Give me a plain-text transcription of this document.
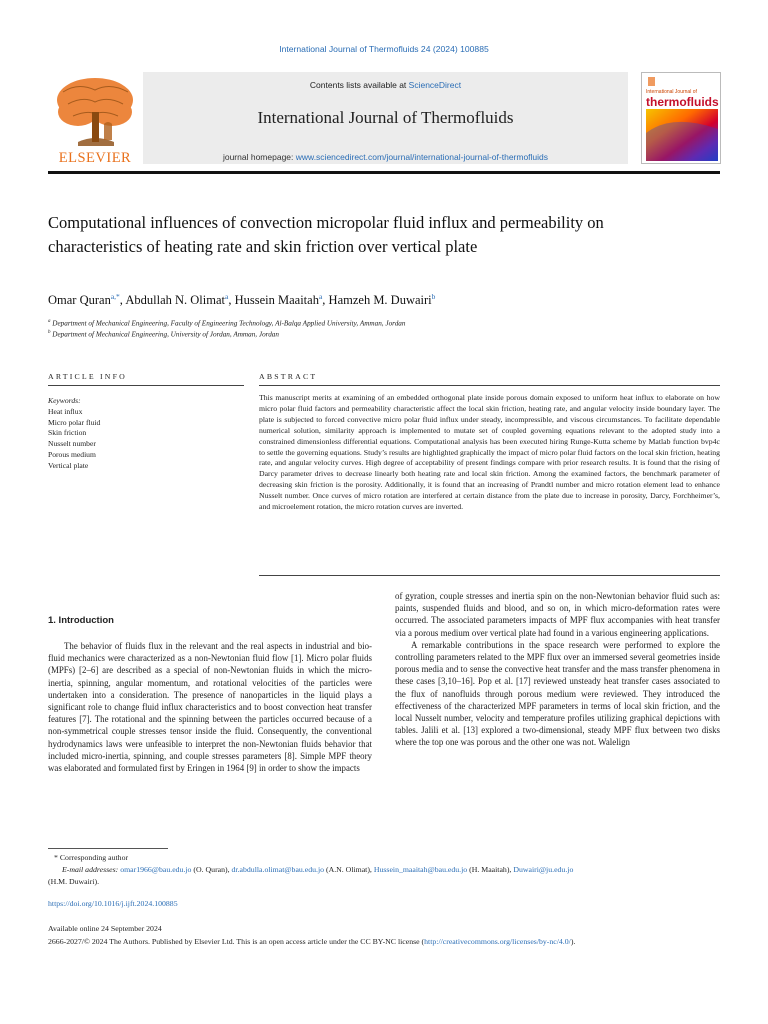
International Journal of Thermofluids 24 (2024) 100885
ELSEVIER
Contents lists available at ScienceDirect
International Journal of Thermofluids
journal homepage: www.sciencedirect.com/journal/international-journal-of-thermofluids
International Journal of
thermofluids
Computational influences of convection micropolar fluid influx and permeability on characteristics of heating rate and skin friction over vertical plate
Omar Quran$^{a,*}$, Abdullah N. Olimat$^a$, Hussein Maaitah$^a$, Hamzeh M. Duwairi$^b$
$^a$ Department of Mechanical Engineering, Faculty of Engineering Technology, Al-Balqa Applied University, Amman, Jordan
$^b$ Department of Mechanical Engineering, University of Jordan, Amman, Jordan
ARTICLE INFO	ABSTRACT
Keywords:
Heat influx
Micro polar fluid
Skin friction
Nusselt number
Porous medium
Vertical plate
This manuscript merits at examining of an embedded orthogonal plate inside porous domain exposed to uniform heat influx to elaborate on how micro polar fluid factors and permeability characteristic affect the local skin friction, heating rate, and angular velocity inside boundary layer. The plate is subjected to forced convective micro polar fluid influx under steady, incompressible, and viscous circumstances. To facilitate dependable numerical solution, similarity approach is implemented to mutate set of coupled governing equations relevant to the adopted study into a constrained dimensionless differential equations. Computational analysis has been executed hiring Runge-Kutta scheme by Matlab function bvp4c to settle the governing equations. Study’s results are highlighted graphically the impact of micro polar fluid factors on the local skin friction, heating rate, and angular velocity curves. High degree of acceptability of present findings compare with prior research results. It is found that the rising of Darcy parameter drives to decrease linearly both heating rate and local skin friction. Among the examined factors, the benchmark parameter of decreasing skin friction is the porosity. Additionally, it is found that an increasing of Prandtl number and micro rotation element lead to enhance Nusselt number. Once curves of micro rotation are interfered at certain distance from the plate due to increase in porosity, Darcy, Forchheimer’s, and microelement rotation, the micro rotation curves are inverted.
1. Introduction

The behavior of fluids flux in the relevant and the real aspects in industrial and bio-fluid mechanics were characterized as a non-Newtonian fluid flow [1]. Micro polar fluids (MPFs) [2–6] are described as a special of non-Newtonian fluids in which the micro-inertia, spinning, angular momentum, and rotational velocities of the particles were undertaken into a consideration. The presence of nanoparticles in the liquid plays a significant role to change fluid influx characteristics and to boost convection heat transfer features [7]. The rotational and the spinning between the particles occurred because of a non-symmetrical couple stresses tensor inside the fluid. Consequently, the conventional hydrodynamics laws were unfeasible to interpret the non-Newtonian fluids behavior that included micro-inertia, spinning, and couple stresses parameters [8]. Simple MPF theory was elaborated and formulated first by Eringen in 1964 [9] in order to show the impacts

of gyration, couple stresses and inertia spin on the non-Newtonian behavior fluid such as: paints, suspended fluids and blood, and so on, in which micro-deformation rates were occurred. The associated parameters impacts of MPF flux accompanies with heat transfer via a porous medium over vertical plate had found in a various engineering applications.

A remarkable contributions in the space research were performed to explore the controlling parameters related to the MPF flux over an immersed several geometries inside porous media and to sense the convective heat transfer and the mass transfer phenomena in these cases [3,10–16]. Pop et al. [17] reviewed unsteady heat transfer cases associated to the flux of nanofluids through porous medium were reviewed. They introduced the effectiveness of the characterized MPF parameters in terms of local skin friction, and the local Nusselt number, velocity and temperature profiles utilizing graphical depictions with tables. Jalili et al. [13] explored a two-dimensional, steady MPF flux between two disks where the top one was porous and the other one was not. Walelign

* Corresponding author
E-mail addresses: omar1966@bau.edu.jo (O. Quran), dr.abdulla.olimat@bau.edu.jo (A.N. Olimat), Hussein_maaitah@bau.edu.jo (H. Maaitah), Duwairi@ju.edu.jo
(H.M. Duwairi).
https://doi.org/10.1016/j.ijft.2024.100885
Available online 24 September 2024
2666-2027/© 2024 The Authors. Published by Elsevier Ltd. This is an open access article under the CC BY-NC license (http://creativecommons.org/licenses/by-nc/4.0/).
